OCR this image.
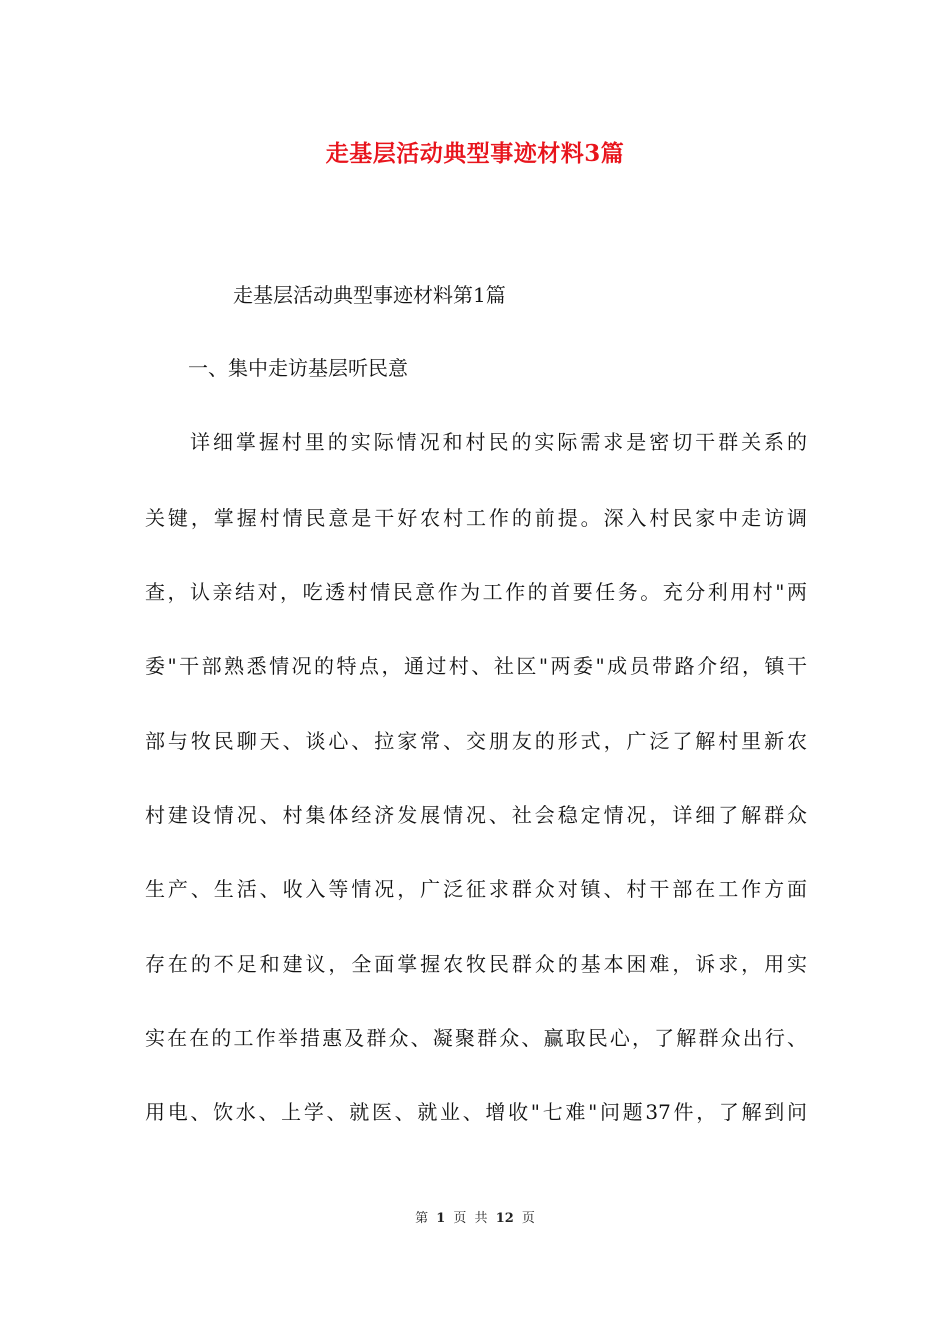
走基层活动典型事迹材料3篇
走基层活动典型事迹材料第1篇
一、集中走访基层听民意
详细掌握村里的实际情况和村民的实际需求是密切干群关系的
关键，掌握村情民意是干好农村工作的前提。深入村民家中走访调
查，认亲结对，吃透村情民意作为工作的首要任务。充分利用村"两
委"干部熟悉情况的特点，通过村、社区"两委"成员带路介绍，镇干
部与牧民聊天、谈心、拉家常、交朋友的形式，广泛了解村里新农
村建设情况、村集体经济发展情况、社会稳定情况，详细了解群众
生产、生活、收入等情况，广泛征求群众对镇、村干部在工作方面
存在的不足和建议，全面掌握农牧民群众的基本困难，诉求，用实
实在在的工作举措惠及群众、凝聚群众、赢取民心，了解群众出行、
用电、饮水、上学、就医、就业、增收"七难"问题37件，了解到问
第 1 页 共 12 页
